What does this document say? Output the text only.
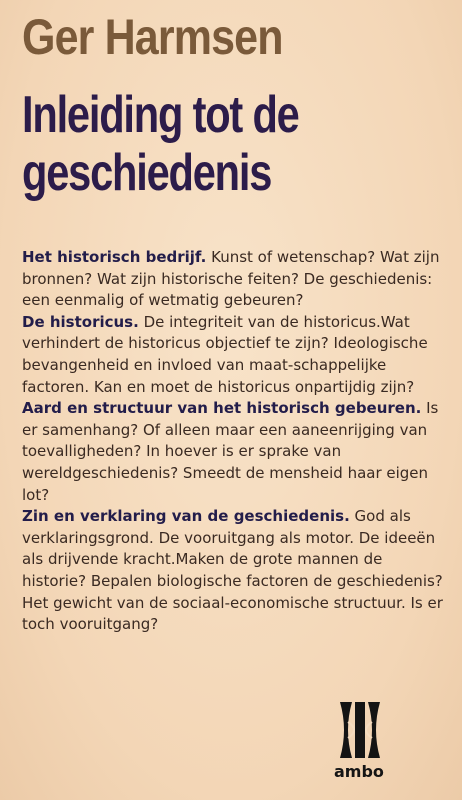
Ger Harmsen
Inleiding tot de
geschiedenis

Het historisch bedrijf. Kunst of wetenschap? Wat zijn bronnen? Wat zijn historische feiten? De geschiedenis: een eenmalig of wetmatig gebeuren?

De historicus. De integriteit van de historicus.Wat verhindert de historicus objectief te zijn? Ideologische bevangenheid en invloed van maat-schappelijke factoren. Kan en moet de historicus onpartijdig zijn?

Aard en structuur van het historisch gebeuren. Is er samenhang? Of alleen maar een aaneenrijging van toevalligheden? In hoever is er sprake van wereldgeschiedenis? Smeedt de mensheid haar eigen lot?

Zin en verklaring van de geschiedenis. God als verklaringsgrond. De vooruitgang als motor. De ideeën als drijvende kracht.Maken de grote mannen de historie? Bepalen biologische factoren de geschiedenis? Het gewicht van de sociaal-economische structuur. Is er toch vooruitgang?

ambo
